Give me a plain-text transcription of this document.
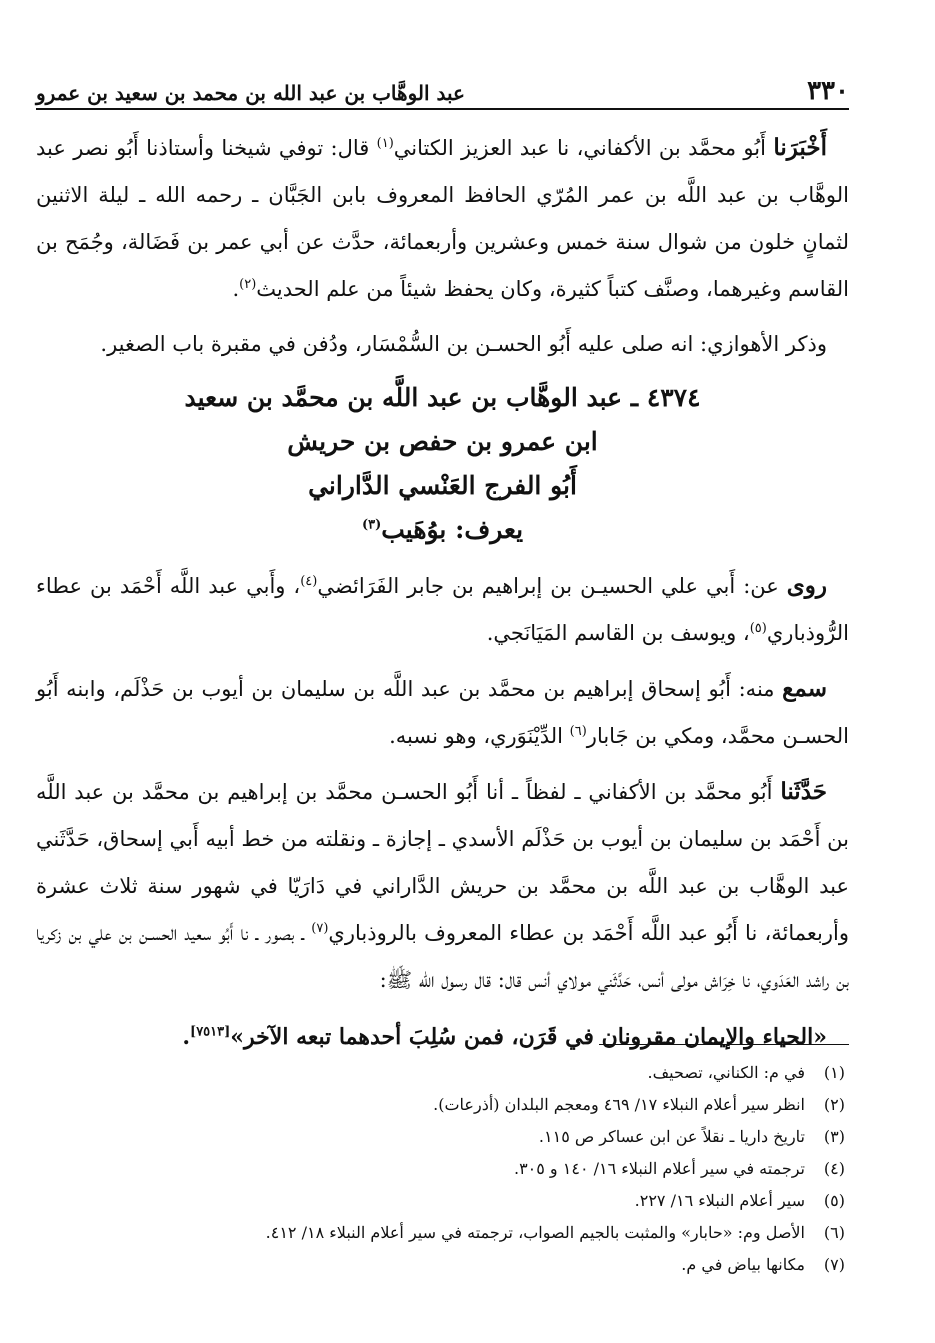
٣٣٠
عبد الوهَّاب بن عبد الله بن محمد بن سعيد بن عمرو

أَخْبَرَنا أَبُو محمَّد بن الأكفاني، نا عبد العزيز الكتاني$^{(١)}$ قال: توفي شيخنا وأستاذنا أَبُو نصر عبد الوهَّاب بن عبد اللَّه بن عمر المُرّي الحافظ المعروف بابن الجَبَّان ـ رحمه الله ـ ليلة الاثنين لثمانٍ خلون من شوال سنة خمس وعشرين وأربعمائة، حدَّث عن أبي عمر بن فَضَالة، وجُمَح بن القاسم وغيرهما، وصنَّف كتباً كثيرة، وكان يحفظ شيئاً من علم الحديث$^{(٢)}$.

وذكر الأهوازي: انه صلى عليه أَبُو الحسـن بن السُّمْسَار، ودُفن في مقبرة باب الصغير.

٤٣٧٤ ـ عبد الوهَّاب بن عبد اللَّه بن محمَّد بن سعيد
ابن عمرو بن حفص بن حريش
أَبُو الفرج العَنْسي الدَّاراني
يعرف: بوُهَيب$^{(٣)}$

روى عن: أَبي علي الحسيـن بن إبراهيم بن جابر الفَرَائضي$^{(٤)}$، وأَبي عبد اللَّه أَحْمَد بن عطاء الرُّوذباري$^{(٥)}$، ويوسف بن القاسم المَيَانَجي.

سمع منه: أَبُو إسحاق إبراهيم بن محمَّد بن عبد اللَّه بن سليمان بن أيوب بن حَذْلَم، وابنه أَبُو الحسـن محمَّد، ومكي بن جَابار$^{(٦)}$ الدِّيْنَوَري، وهو نسبه.

حَدَّثَنا أَبُو محمَّد بن الأكفاني ـ لفظاً ـ أنا أَبُو الحسـن محمَّد بن إبراهيم بن محمَّد بن عبد اللَّه بن أَحْمَد بن سليمان بن أيوب بن حَذْلَم الأسدي ـ إجازة ـ ونقلته من خط أبيه أَبي إسحاق، حَدَّثَني عبد الوهَّاب بن عبد اللَّه بن محمَّد بن حريش الدَّاراني في دَارَيّا في شهور سنة ثلاث عشرة وأربعمائة، نا أَبُو عبد اللَّه أَحْمَد بن عطاء المعروف بالروذباري$^{(٧)}$ ـ بصور ـ نا أَبُو سعيد الحسـن بن علي بن زكريا بن راشد العَدَوي، نا خِرَاش مولى أنس، حَدَّثَني مولاي أنس قال: قال رسول الله ﷺ:

«الحياء والإيمان مقرونان في قَرَن، فمن سُلِبَ أحدهما تبعه الآخر»[٧٥١٣].

(١)
في م: الكناني، تصحيف.
(٢)
انظر سير أعلام النبلاء ١٧/ ٤٦٩ ومعجم البلدان (أذرعات).
(٣)
تاريخ داريا ـ نقلاً عن ابن عساكر ص ١١٥.
(٤)
ترجمته في سير أعلام النبلاء ١٦/ ١٤٠ و ٣٠٥.
(٥)
سير أعلام النبلاء ١٦/ ٢٢٧.
(٦)
الأصل وم: «حابار» والمثبت بالجيم الصواب، ترجمته في سير أعلام النبلاء ١٨/ ٤١٢.
(٧)
مكانها بياض في م.
